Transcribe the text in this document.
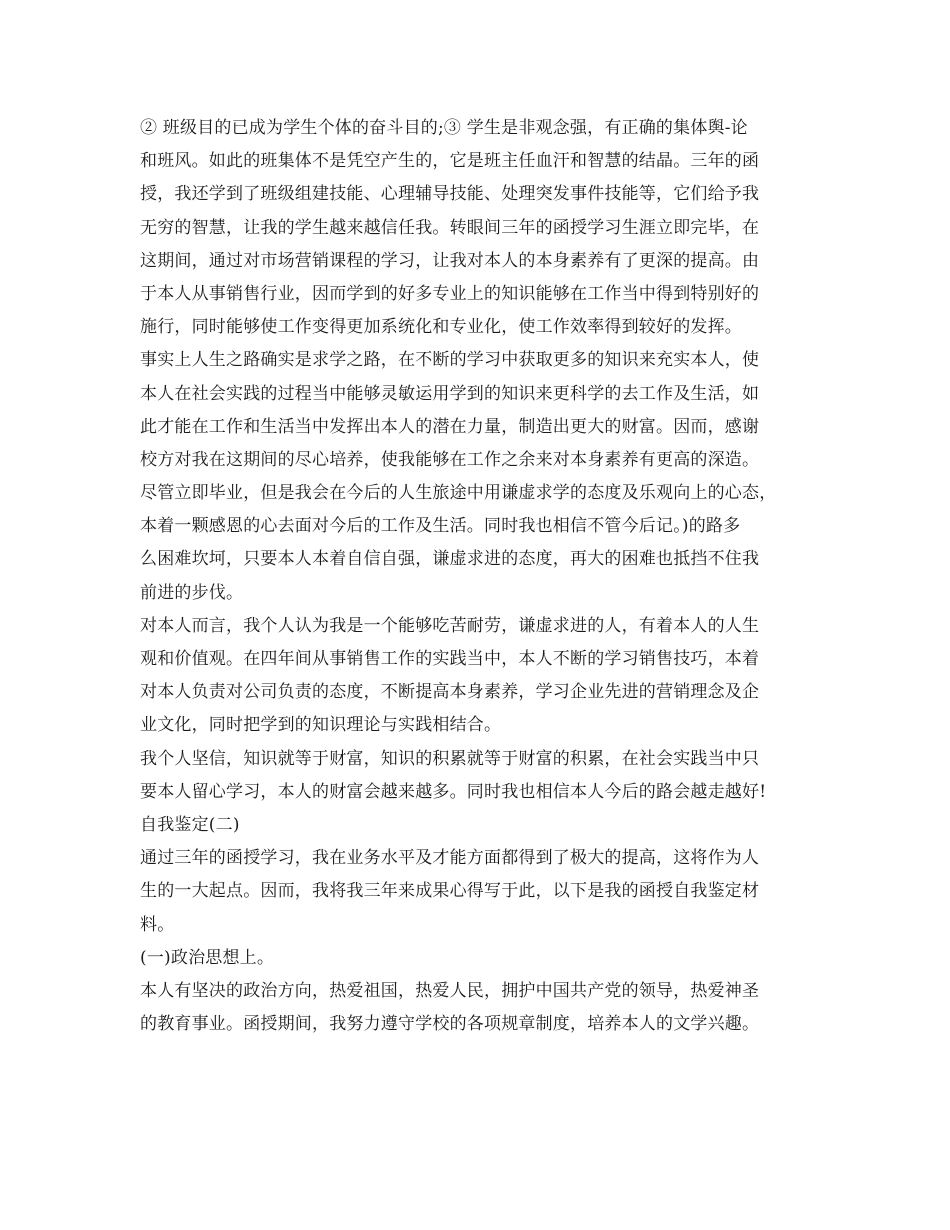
② 班级目的已成为学生个体的奋斗目的;③ 学生是非观念强，有正确的集体舆-论
和班风。如此的班集体不是凭空产生的，它是班主任血汗和智慧的结晶。三年的函
授，我还学到了班级组建技能、心理辅导技能、处理突发事件技能等，它们给予我
无穷的智慧，让我的学生越来越信任我。转眼间三年的函授学习生涯立即完毕，在
这期间，通过对市场营销课程的学习，让我对本人的本身素养有了更深的提高。由
于本人从事销售行业，因而学到的好多专业上的知识能够在工作当中得到特别好的
施行，同时能够使工作变得更加系统化和专业化，使工作效率得到较好的发挥。
事实上人生之路确实是求学之路，在不断的学习中获取更多的知识来充实本人，使
本人在社会实践的过程当中能够灵敏运用学到的知识来更科学的去工作及生活，如
此才能在工作和生活当中发挥出本人的潜在力量，制造出更大的财富。因而，感谢
校方对我在这期间的尽心培养，使我能够在工作之余来对本身素养有更高的深造。
尽管立即毕业，但是我会在今后的人生旅途中用谦虚求学的态度及乐观向上的心态，
本着一颗感恩的心去面对今后的工作及生活。同时我也相信不管今后记。)的路多
么困难坎坷，只要本人本着自信自强，谦虚求进的态度，再大的困难也抵挡不住我
前进的步伐。
对本人而言，我个人认为我是一个能够吃苦耐劳，谦虚求进的人，有着本人的人生
观和价值观。在四年间从事销售工作的实践当中，本人不断的学习销售技巧，本着
对本人负责对公司负责的态度，不断提高本身素养，学习企业先进的营销理念及企
业文化，同时把学到的知识理论与实践相结合。
我个人坚信，知识就等于财富，知识的积累就等于财富的积累，在社会实践当中只
要本人留心学习，本人的财富会越来越多。同时我也相信本人今后的路会越走越好!
自我鉴定(二)
通过三年的函授学习，我在业务水平及才能方面都得到了极大的提高，这将作为人
生的一大起点。因而，我将我三年来成果心得写于此，以下是我的函授自我鉴定材
料。
(一)政治思想上。
本人有坚决的政治方向，热爱祖国，热爱人民，拥护中国共产党的领导，热爱神圣
的教育事业。函授期间，我努力遵守学校的各项规章制度，培养本人的文学兴趣。
